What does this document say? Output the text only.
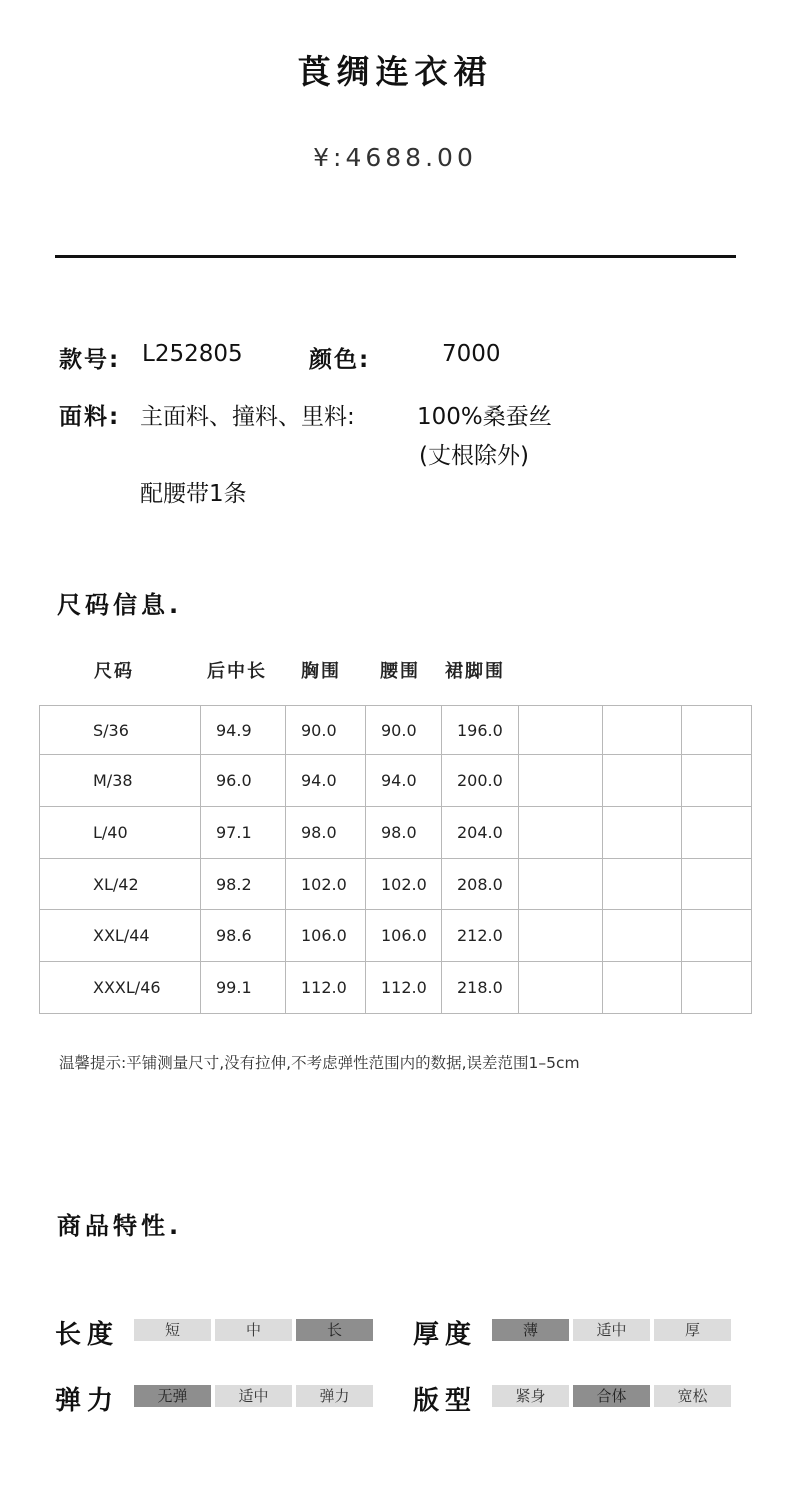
莨绸连衣裙
¥:4688.00
款号: L252805	颜色:	7000
面料: 主面料、撞料、里料:	100%桑蚕丝
(丈根除外)
配腰带1条
尺码信息.
尺码	后中长 胸围 腰围 裙脚围
S/36	94.9	90.0	90.0	196.0			
M/38	96.0	94.0	94.0	200.0			
L/40	97.1	98.0	98.0	204.0			
XL/42	98.2	102.0	102.0	208.0			
XXL/44	98.6	106.0	106.0	212.0			
XXXL/46	99.1	112.0	112.0	218.0			
温馨提示:平铺测量尺寸,没有拉伸,不考虑弹性范围内的数据,误差范围1–5cm
商品特性.
长度	短	中	长	厚度	薄	适中	厚
弹力	无弹	适中	弹力	版型	紧身	合体	宽松
